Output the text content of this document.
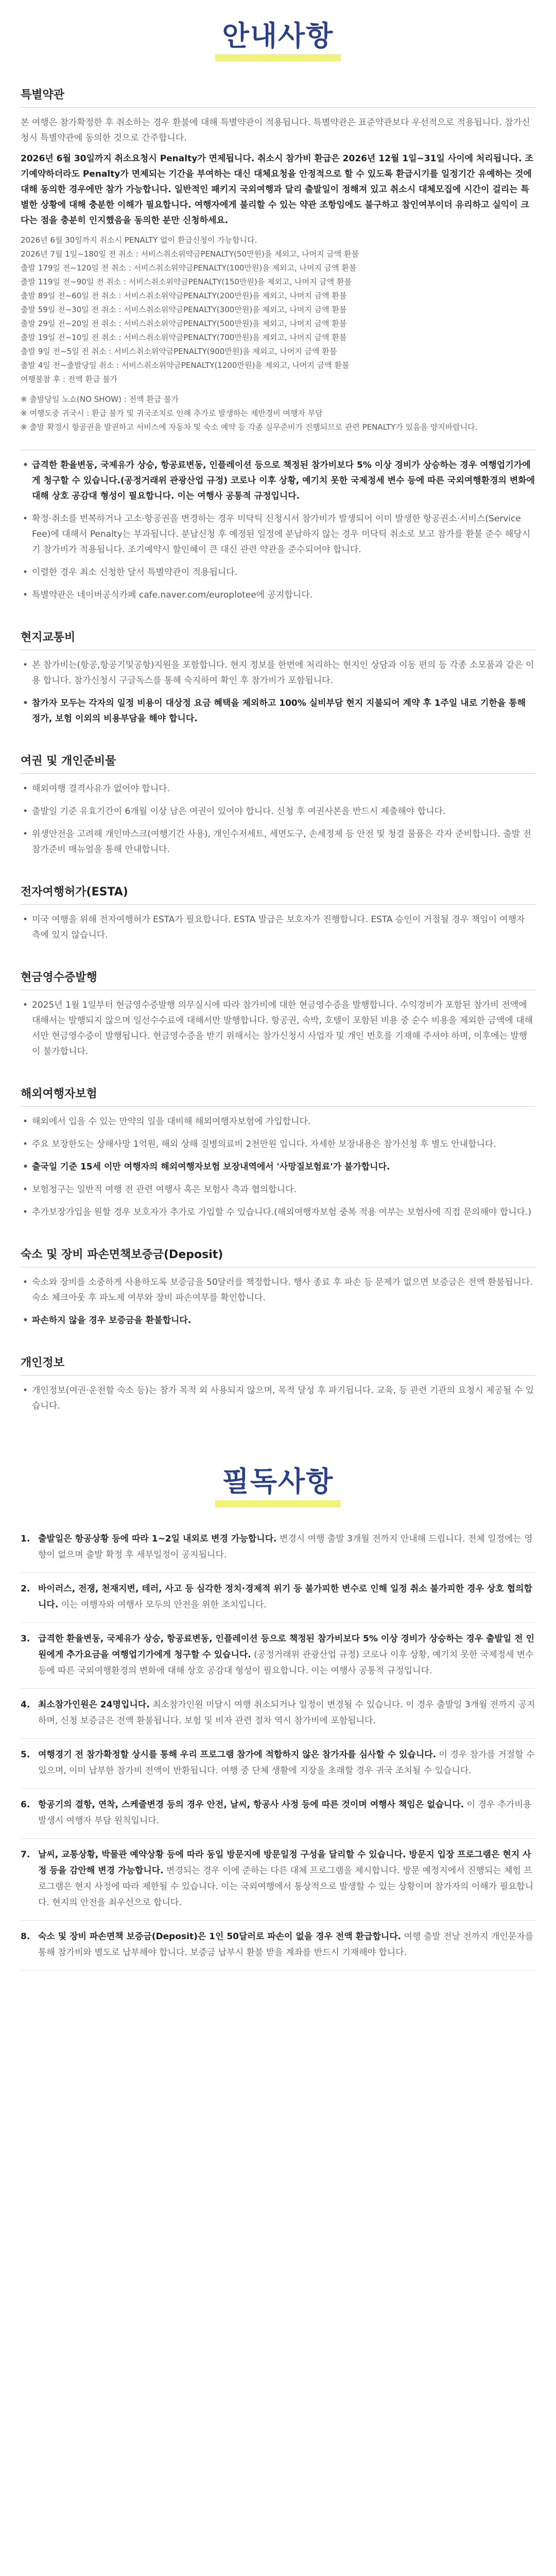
안내사항
특별약관

본 여행은 참가확정한 후 취소하는 경우 환불에 대해 특별약관이 적용됩니다. 특별약관은 표준약관보다 우선적으로 적용됩니다. 참가신청시 특별약관에 동의한 것으로 간주합니다.

2026년 6월 30일까지 취소요청시 Penalty가 면제됩니다. 취소시 참가비 환급은 2026년 12월 1일~31일 사이에 처리됩니다. 조기예약하더라도 Penalty가 면제되는 기간을 부여하는 대신 대체요청을 안정적으로 할 수 있도록 환급시기를 일정기간 유예하는 것에 대해 동의한 경우에만 참가 가능합니다. 일반적인 패키지 국외여행과 달리 출발일이 정해져 있고 취소시 대체모집에 시간이 걸리는 특별한 상황에 대해 충분한 이해가 필요합니다. 여행자에게 불리할 수 있는 약관 조항임에도 불구하고 참인여부이더 유리하고 실익이 크다는 점을 충분히 인지했음을 동의한 분만 신청하세요.

2026년 6월 30일까지 취소시 PENALTY 없이 환급신청이 가능합니다.
2026년 7월 1일~180일 전 취소 : 서비스취소위약금PENALTY(50만원)을 제외고, 나머지 금액 환불
출발 179일 전~120일 전 취소 : 서비스취소위약금PENALTY(100만원)을 제외고, 나머지 금액 환불
출발 119일 전~90일 전 취소 : 서비스취소위약금PENALTY(150만원)을 제외고, 나머지 금액 환불
출발 89일 전~60일 전 취소 : 서비스취소위약금PENALTY(200만원)을 제외고, 나머지 금액 환불
출발 59일 전~30일 전 취소 : 서비스취소위약금PENALTY(300만원)을 제외고, 나머지 금액 환불
출발 29일 전~20일 전 취소 : 서비스취소위약금PENALTY(500만원)을 제외고, 나머지 금액 환불
출발 19일 전~10일 전 취소 : 서비스취소위약금PENALTY(700만원)을 제외고, 나머지 금액 환불
출발 9일 전~5일 전 취소 : 서비스취소위약금PENALTY(900만원)을 제외고, 나머지 금액 환불
출발 4일 전~출발당일 취소 : 서비스취소위약금PENALTY(1200만원)을 제외고, 나머지 금액 환불
여행불참 후 : 전액 환급 불가
※ 출발당일 노쇼(NO SHOW) : 전액 환급 불가
※ 여행도중 귀국시 : 환급 불가 및 귀국조치로 인해 추가로 발생하는 제반경비 여행자 부담
※ 출발 확정시 항공권을 발권하고 서비스에 자동차 및 숙소 예약 등 각종 실무준비가 진행되므로 관련 PENALTY가 있음을 양지바랍니다.
• 급격한 환율변동, 국제유가 상승, 항공료변동, 인플레이션 등으로 책정된 참가비보다 5% 이상 경비가 상승하는 경우 여행업기가에게 청구할 수 있습니다.(공정거래위 관광산업 규정) 코로나 이후 상황, 예기치 못한 국제정세 변수 등에 따른 국외여행환경의 변화에 대해 상호 공감대 형성이 필요합니다. 이는 여행사 공통적 규정입니다.
• 확정·취소를 번복하거나 고소·항공권을 변경하는 경우 미닥틱 신청시서 참가비가 발생되어 이미 발생한 항공권소·서비스(Service Fee)에 대해서 Penalty는 부과됩니다. 분납신청 후 예정된 일정에 분납하지 않는 경우 미닥틱 취소로 보고 참가를 환불 준수 해당시기 참가비가 적용됩니다. 조기예약시 할인혜이 큰 대신 관련 약관을 준수되어야 합니다.
• 이렬한 경우 최소 신청한 달서 특별약관이 적용됩니다.
• 특별약관은 네이버공식카페 cafe.naver.com/europlotee에 공지합니다.
현지교통비
• 본 참가비는(항공,항공기및공항)지원을 포함합니다. 현지 정보를 한번에 처리하는 현지인 상담과 이동 편의 등 각종 소모품과 같은 이용 합니다. 참가신청시 구글독스를 통해 숙지하여 확인 후 참가비가 포함됩니다.
• 참가자 모두는 각자의 일정 비용이 대상정 요금 혜택을 제외하고 100% 실비부담 현지 지불되어 계약 후 1주일 내로 기한을 통해 정가, 보험 이외의 비용부담을 해야 합니다.
여권 및 개인준비물
• 해외여행 결격사유가 없어야 합니다.
• 출발일 기준 유효기간이 6개월 이상 남은 여권이 있어야 합니다. 신청 후 여권사본을 반드시 제출해야 합니다.
• 위생안전을 고려해 개인마스크(여행기간 사용), 개인수저세트, 세면도구, 손세정제 등 안전 및 청결 물품은 각자 준비합니다. 출발 전 참가준비 매뉴얼을 통해 안내합니다.
전자여행허가(ESTA)
• 미국 여행을 위해 전자여행허가 ESTA가 필요합니다. ESTA 발급은 보호자가 진행합니다. ESTA 승인이 거절될 경우 책임이 여행자 측에 있지 않습니다.
현금영수증발행
• 2025년 1월 1일부터 현금영수증발행 의무실시에 따라 참가비에 대한 현금영수증을 발행합니다. 수익경비가 포함된 참가비 전액에 대해서는 발행되지 않으며 일선수수료에 대해서만 발행합니다. 항공권, 숙박, 호텔이 포함된 비용 중 순수 비용을 제외한 금액에 대해서만 현금영수증이 발행됩니다. 현금영수증을 받기 위해서는 참가신청시 사업자 및 개인 번호를 기재해 주셔야 하며, 이후에는 발행이 불가합니다.
해외여행자보험
• 해외에서 입을 수 있는 만약의 일을 대비해 해외여행자보험에 가입합니다.
• 주요 보장한도는 상해사망 1억원, 해외 상해 질병의료비 2천만원 입니다. 자세한 보장내용은 참가신청 후 별도 안내합니다.
• 출국일 기준 15세 이만 여행자의 해외여행자보험 보장내역에서 '사망질보험료'가 불가합니다.
• 보험청구는 일반적 여행 전 관련 여행사 혹은 보험사 측과 협의합니다.
• 추가보장가입을 원할 경우 보호자가 추가로 가입할 수 있습니다.(해외여행자보험 중복 적용 여부는 보험사에 직접 문의해야 합니다.)
숙소 및 장비 파손면책보증금(Deposit)
• 숙소와 장비를 소중하게 사용하도록 보증금을 50달러를 책정합니다. 행사 종료 후 파손 등 문제가 없으면 보증금은 전액 환불됩니다. 숙소 체크아웃 후 파노제 여부와 장비 파손여부를 확인합니다.
• 파손하지 않을 경우 보증금을 환불합니다.
개인정보
• 개인정보(여권·운전할 숙소 등)는 참가 목적 외 사용되지 않으며, 목적 달성 후 파기됩니다. 교육, 등 관련 기관의 요청시 제공될 수 있습니다.
필독사항
1. 출발일은 항공상황 등에 따라 1~2일 내외로 변경 가능합니다. 변경시 여행 출발 3개월 전까지 안내해 드립니다. 전체 일정에는 영향이 없으며 출발 확정 후 세부일정이 공지됩니다.
2. 바이러스, 전쟁, 천재지변, 테러, 사고 등 심각한 정치·경제적 위기 등 불가피한 변수로 인해 일정 취소 불가피한 경우 상호 협의합니다. 이는 여행자와 여행사 모두의 안전을 위한 조치입니다.
3. 급격한 환율변동, 국제유가 상승, 항공료변동, 인플레이션 등으로 책정된 참가비보다 5% 이상 경비가 상승하는 경우 출발일 전 인원에게 추가요금을 여행업기가에게 청구할 수 있습니다. (공정거래위 관광산업 규정) 코로나 이후 상황, 예기치 못한 국제정세 변수 등에 따른 국외여행환경의 변화에 대해 상호 공감대 형성이 필요합니다. 이는 여행사 공통적 규정입니다.
4. 최소참가인원은 24명입니다. 최소참가인원 미달시 여행 취소되거나 일정이 변경될 수 있습니다. 이 경우 출발일 3개월 전까지 공지하며, 신청 보증금은 전액 환불됩니다. 보험 및 비자 관련 절차 역시 참가비에 포함됩니다.
5. 여행경기 전 참가확정할 상시를 통해 우리 프로그램 참가에 적합하지 않은 참가자를 심사할 수 있습니다. 이 경우 참가를 거절할 수 있으며, 이미 납부한 참가비 전액이 반환됩니다. 여행 중 단체 생활에 지장을 초래할 경우 귀국 조치될 수 있습니다.
6. 항공기의 결항, 연착, 스케줄변경 등의 경우 안전, 날씨, 항공사 사정 등에 따른 것이며 여행사 책임은 없습니다. 이 경우 추가비용 발생시 여행자 부담 원칙입니다.
7. 날씨, 교통상황, 박물관 예약상황 등에 따라 동일 방문지에 방문일정 구성을 달리할 수 있습니다. 방문지 입장 프로그램은 현지 사정 등을 감안해 변경 가능합니다. 변경되는 경우 이에 준하는 다른 대체 프로그램을 제시합니다. 방문 예정지에서 진행되는 체험 프로그램은 현지 사정에 따라 제한될 수 있습니다. 이는 국외여행에서 통상적으로 발생할 수 있는 상황이며 참가자의 이해가 필요합니다. 현지의 안전을 최우선으로 합니다.
8. 숙소 및 장비 파손면책 보증금(Deposit)은 1인 50달러로 파손이 없을 경우 전액 환급합니다. 여행 출발 전날 전까지 개인문자를 통해 참가비와 별도로 납부해야 합니다. 보증금 납부시 환불 받을 계좌를 반드시 기재해야 합니다.
